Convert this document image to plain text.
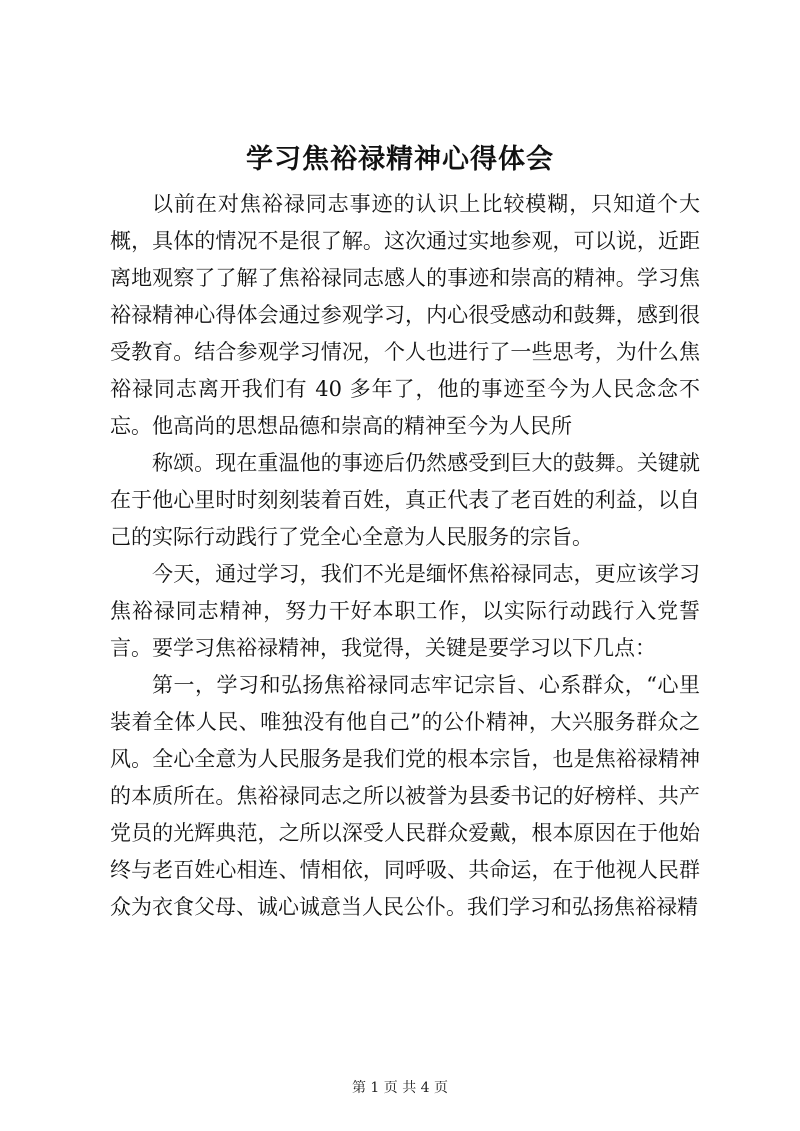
学习焦裕禄精神心得体会

以前在对焦裕禄同志事迹的认识上比较模糊，只知道个大概，具体的情况不是很了解。这次通过实地参观，可以说，近距离地观察了了解了焦裕禄同志感人的事迹和崇高的精神。学习焦裕禄精神心得体会通过参观学习，内心很受感动和鼓舞，感到很受教育。结合参观学习情况，个人也进行了一些思考，为什么焦裕禄同志离开我们有 40 多年了，他的事迹至今为人民念念不忘。他高尚的思想品德和崇高的精神至今为人民所

称颂。现在重温他的事迹后仍然感受到巨大的鼓舞。关键就在于他心里时时刻刻装着百姓，真正代表了老百姓的利益，以自己的实际行动践行了党全心全意为人民服务的宗旨。

今天，通过学习，我们不光是缅怀焦裕禄同志，更应该学习焦裕禄同志精神，努力干好本职工作，以实际行动践行入党誓言。要学习焦裕禄精神，我觉得，关键是要学习以下几点：

第一，学习和弘扬焦裕禄同志牢记宗旨、心系群众，“心里装着全体人民、唯独没有他自己”的公仆精神，大兴服务群众之风。全心全意为人民服务是我们党的根本宗旨，也是焦裕禄精神的本质所在。焦裕禄同志之所以被誉为县委书记的好榜样、共产党员的光辉典范，之所以深受人民群众爱戴，根本原因在于他始终与老百姓心相连、情相依，同呼吸、共命运，在于他视人民群众为衣食父母、诚心诚意当人民公仆。我们学习和弘扬焦裕禄精

第 1 页 共 4 页
